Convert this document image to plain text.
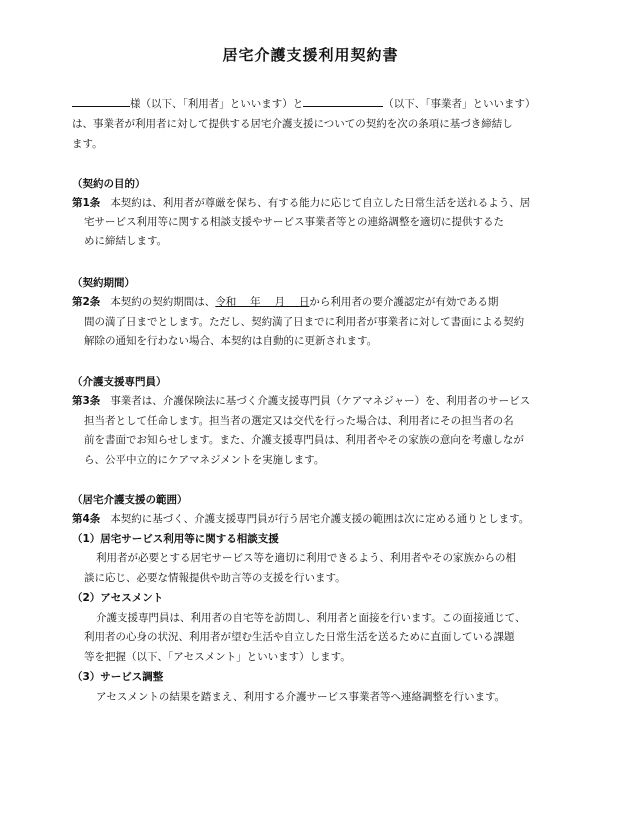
居宅介護支援利用契約書
様（以下、「利用者」といいます）と	（以下、「事業者」といいます）
は、事業者が利用者に対して提供する居宅介護支援についての契約を次の条項に基づき締結し
ます。
（契約の目的）
第1条 本契約は、利用者が尊厳を保ち、有する能力に応じて自立した日常生活を送れるよう、居
宅サービス利用等に関する相談支援やサービス事業者等との連絡調整を適切に提供するた
めに締結します。
（契約期間）
第2条 本契約の契約期間は、令和　 年 　月　 日から利用者の要介護認定が有効である期
間の満了日までとします。ただし、契約満了日までに利用者が事業者に対して書面による契約
解除の通知を行わない場合、本契約は自動的に更新されます。
（介護支援専門員）
第3条 事業者は、介護保険法に基づく介護支援専門員（ケアマネジャー）を、利用者のサービス
担当者として任命します。担当者の選定又は交代を行った場合は、利用者にその担当者の名
前を書面でお知らせします。また、介護支援専門員は、利用者やその家族の意向を考慮しなが
ら、公平中立的にケアマネジメントを実施します。
（居宅介護支援の範囲）
第4条 本契約に基づく、介護支援専門員が行う居宅介護支援の範囲は次に定める通りとします。
（1）居宅サービス利用等に関する相談支援
利用者が必要とする居宅サービス等を適切に利用できるよう、利用者やその家族からの相
談に応じ、必要な情報提供や助言等の支援を行います。
（2）アセスメント
介護支援専門員は、利用者の自宅等を訪問し、利用者と面接を行います。この面接通じて、
利用者の心身の状況、利用者が望む生活や自立した日常生活を送るために直面している課題
等を把握（以下、「アセスメント」といいます）します。
（3）サービス調整
アセスメントの結果を踏まえ、利用する介護サービス事業者等へ連絡調整を行います。
